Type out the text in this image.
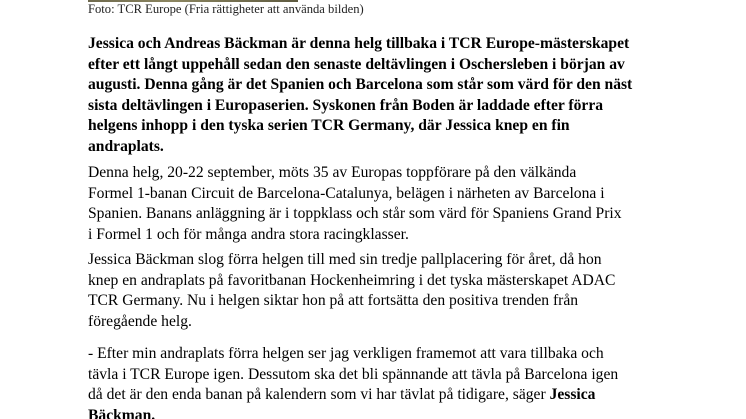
Foto: TCR Europe (Fria rättigheter att använda bilden)
Jessica och Andreas Bäckman är denna helg tillbaka i TCR Europe-mästerskapet
efter ett långt uppehåll sedan den senaste deltävlingen i Oschersleben i början av
augusti. Denna gång är det Spanien och Barcelona som står som värd för den näst
sista deltävlingen i Europaserien. Syskonen från Boden är laddade efter förra
helgens inhopp i den tyska serien TCR Germany, där Jessica knep en fin
andraplats.
Denna helg, 20-22 september, möts 35 av Europas toppförare på den välkända
Formel 1-banan Circuit de Barcelona-Catalunya, belägen i närheten av Barcelona i
Spanien. Banans anläggning är i toppklass och står som värd för Spaniens Grand Prix
i Formel 1 och för många andra stora racingklasser.
Jessica Bäckman slog förra helgen till med sin tredje pallplacering för året, då hon
knep en andraplats på favoritbanan Hockenheimring i det tyska mästerskapet ADAC
TCR Germany. Nu i helgen siktar hon på att fortsätta den positiva trenden från
föregående helg.
- Efter min andraplats förra helgen ser jag verkligen framemot att vara tillbaka och
tävla i TCR Europe igen. Dessutom ska det bli spännande att tävla på Barcelona igen
då det är den enda banan på kalendern som vi har tävlat på tidigare, säger Jessica
Bäckman.
